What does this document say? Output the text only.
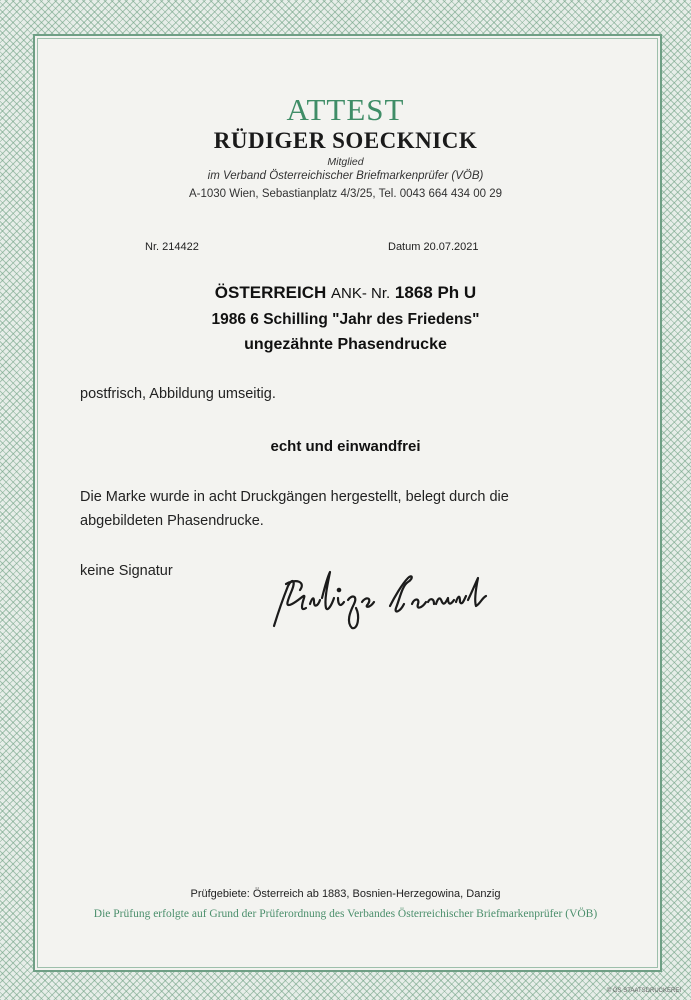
ATTEST
RÜDIGER SOECKNICK
Mitglied
im Verband Österreichischer Briefmarkenprüfer (VÖB)
A-1030 Wien, Sebastianplatz 4/3/25, Tel. 0043 664 434 00 29
Nr. 214422	Datum 20.07.2021
ÖSTERREICH ANK- Nr. 1868 Ph U
1986 6 Schilling "Jahr des Friedens"
ungezähnte Phasendrucke
postfrisch, Abbildung umseitig.
echt und einwandfrei
Die Marke wurde in acht Druckgängen hergestellt, belegt durch die
abgebildeten Phasendrucke.
keine Signatur
Prüfgebiete: Österreich ab 1883, Bosnien-Herzegowina, Danzig
Die Prüfung erfolgte auf Grund der Prüferordnung des Verbandes Österreichischer Briefmarkenprüfer (VÖB)
© ÖS STAATSDRUCKEREI
